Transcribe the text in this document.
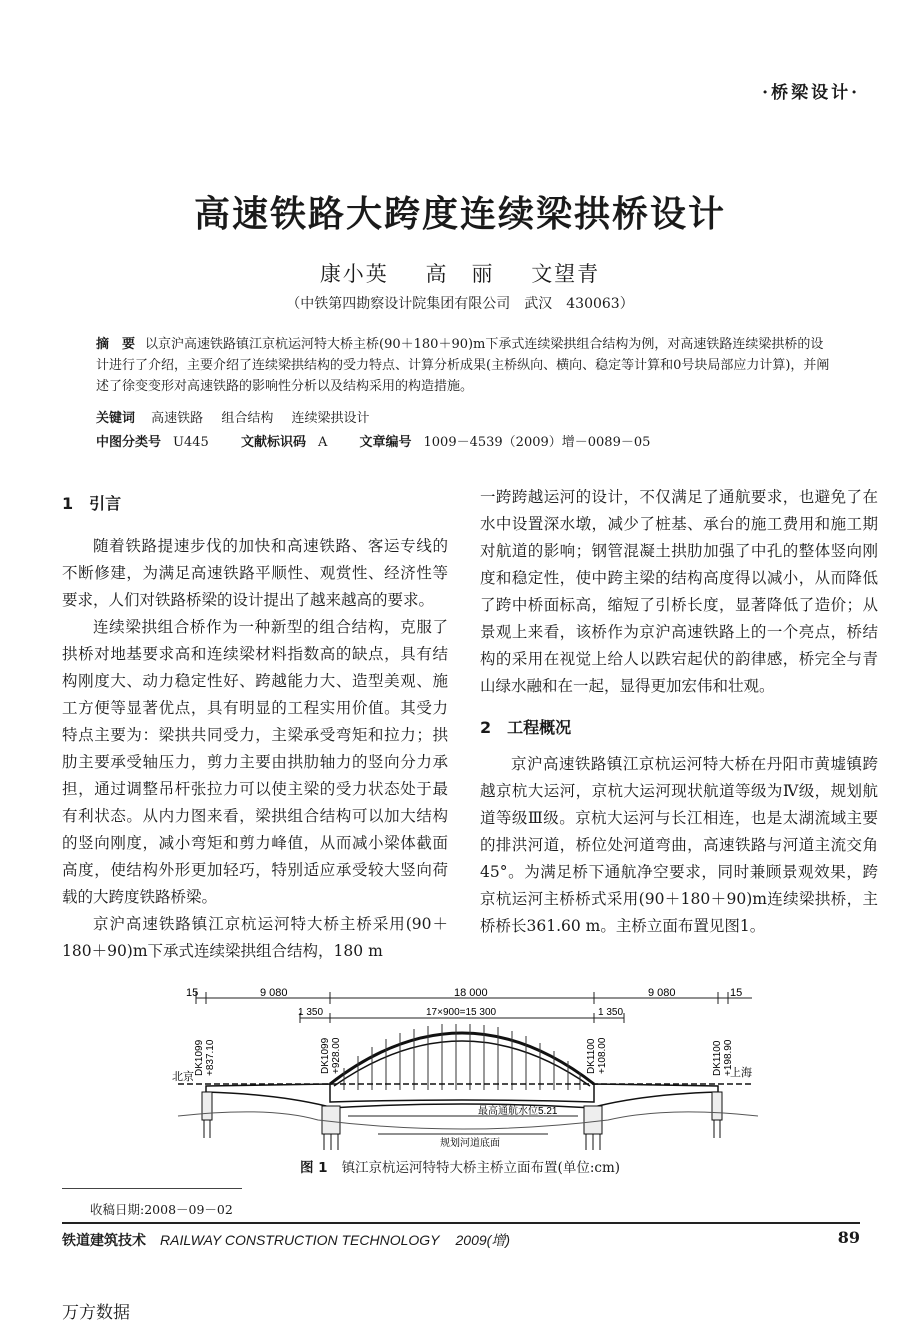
·桥梁设计·
高速铁路大跨度连续梁拱桥设计
康小英 高　丽 文望青
（中铁第四勘察设计院集团有限公司　武汉　430063）
摘　要 以京沪高速铁路镇江京杭运河特大桥主桥(90＋180＋90)m下承式连续梁拱组合结构为例，对高速铁路连续梁拱桥的设计进行了介绍，主要介绍了连续梁拱结构的受力特点、计算分析成果(主桥纵向、横向、稳定等计算和0号块局部应力计算)，并阐述了徐变变形对高速铁路的影响性分析以及结构采用的构造措施。
关键词 高速铁路 组合结构 连续梁拱设计
中图分类号 U445 文献标识码 A 文章编号 1009－4539（2009）增－0089－05
1 引言

随着铁路提速步伐的加快和高速铁路、客运专线的不断修建，为满足高速铁路平顺性、观赏性、经济性等要求，人们对铁路桥梁的设计提出了越来越高的要求。

连续梁拱组合桥作为一种新型的组合结构，克服了拱桥对地基要求高和连续梁材料指数高的缺点，具有结构刚度大、动力稳定性好、跨越能力大、造型美观、施工方便等显著优点，具有明显的工程实用价值。其受力特点主要为：梁拱共同受力，主梁承受弯矩和拉力；拱肋主要承受轴压力，剪力主要由拱肋轴力的竖向分力承担，通过调整吊杆张拉力可以使主梁的受力状态处于最有利状态。从内力图来看，梁拱组合结构可以加大结构的竖向刚度，减小弯矩和剪力峰值，从而减小梁体截面高度，使结构外形更加轻巧，特别适应承受较大竖向荷载的大跨度铁路桥梁。

京沪高速铁路镇江京杭运河特大桥主桥采用(90＋180＋90)m下承式连续梁拱组合结构，180 m

一跨跨越运河的设计，不仅满足了通航要求，也避免了在水中设置深水墩，减少了桩基、承台的施工费用和施工期对航道的影响；钢管混凝土拱肋加强了中孔的整体竖向刚度和稳定性，使中跨主梁的结构高度得以减小，从而降低了跨中桥面标高，缩短了引桥长度，显著降低了造价；从景观上来看，该桥作为京沪高速铁路上的一个亮点，桥结构的采用在视觉上给人以跌宕起伏的韵律感，桥完全与青山绿水融和在一起，显得更加宏伟和壮观。

2 工程概况

京沪高速铁路镇江京杭运河特大桥在丹阳市黄墟镇跨越京杭大运河，京杭大运河现状航道等级为Ⅳ级，规划航道等级Ⅲ级。京杭大运河与长江相连，也是太湖流域主要的排洪河道，桥位处河道弯曲，高速铁路与河道主流交角45°。为满足桥下通航净空要求，同时兼顾景观效果，跨京杭运河主桥桥式采用(90＋180＋90)m连续梁拱桥，主桥桥长361.60 m。主桥立面布置见图1。

15	9 080	18 000	9 080	15
1 350	17×900=15 300	1 350
DK1099 +837.10	DK1099 +928.00	DK1100 +108.00	DK1100 +198.90
北京	上海
最高通航水位5.21
规划河道底面
图 1 镇江京杭运河特特大桥主桥立面布置(单位:cm)
收稿日期:2008－09－02
铁道建筑技术 RAILWAY CONSTRUCTION TECHNOLOGY 2009(增)	89
万方数据
